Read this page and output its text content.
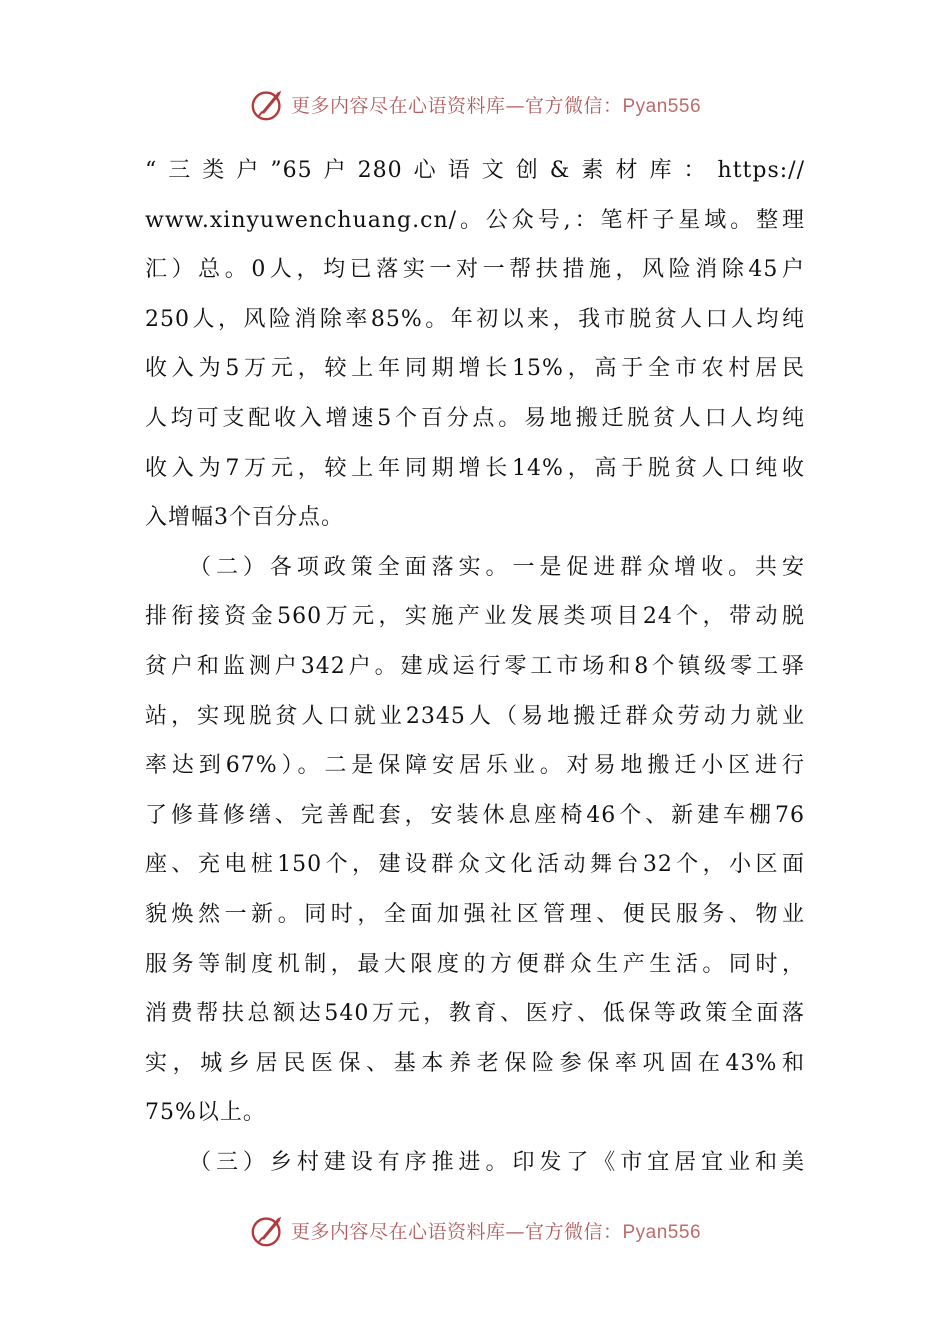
更多内容尽在心语资料库—官方微信：Pyan556
“三类户”65户280心语文创&素材库：https://
www.xinyuwenchuang.cn/。公众号,：笔杆子星域。整理
汇）总。0人，均已落实一对一帮扶措施，风险消除45户
250人，风险消除率85%。年初以来，我市脱贫人口人均纯
收入为5万元，较上年同期增长15%，高于全市农村居民
人均可支配收入增速5个百分点。易地搬迁脱贫人口人均纯
收入为7万元，较上年同期增长14%，高于脱贫人口纯收
入增幅3个百分点。
（二）各项政策全面落实。一是促进群众增收。共安
排衔接资金560万元，实施产业发展类项目24个，带动脱
贫户和监测户342户。建成运行零工市场和8个镇级零工驿
站，实现脱贫人口就业2345人（易地搬迁群众劳动力就业
率达到67%）。二是保障安居乐业。对易地搬迁小区进行
了修葺修缮、完善配套，安装休息座椅46个、新建车棚76
座、充电桩150个，建设群众文化活动舞台32个，小区面
貌焕然一新。同时，全面加强社区管理、便民服务、物业
服务等制度机制，最大限度的方便群众生产生活。同时，
消费帮扶总额达540万元，教育、医疗、低保等政策全面落
实，城乡居民医保、基本养老保险参保率巩固在43%和
75%以上。
（三）乡村建设有序推进。印发了《市宜居宜业和美
更多内容尽在心语资料库—官方微信：Pyan556
